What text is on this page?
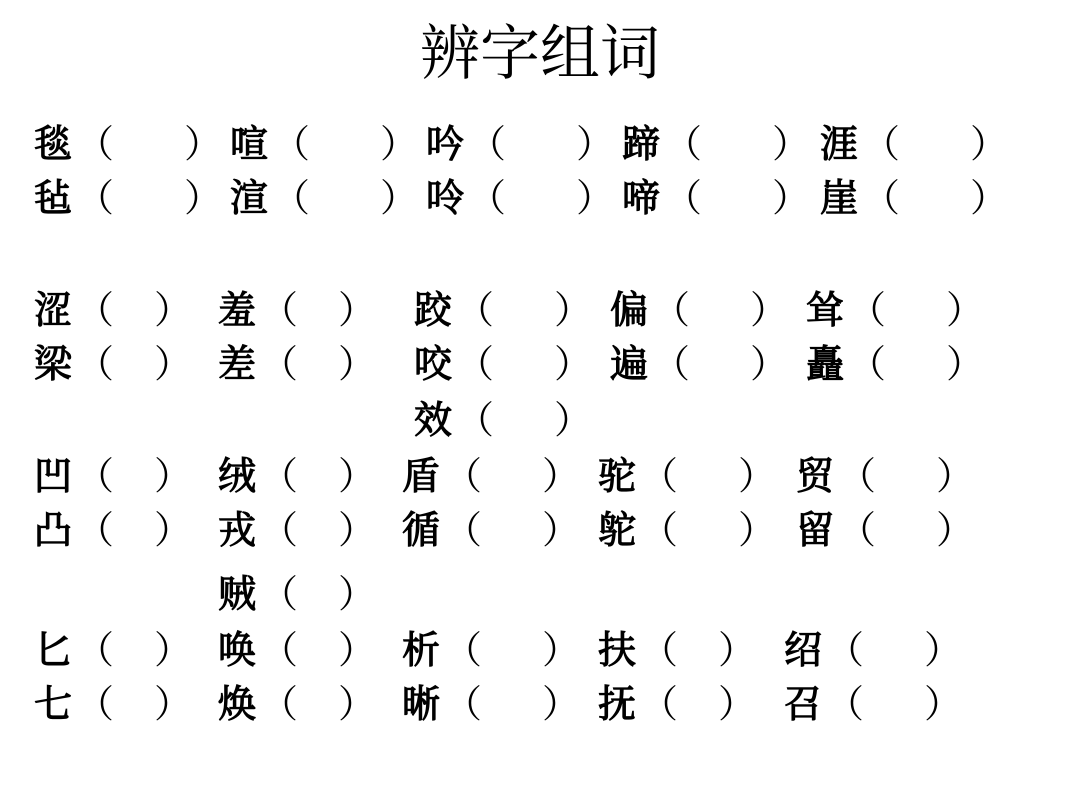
辨字组词
毯 （ ） 喧 （ ） 吟 （ ） 蹄 （ ） 涯 （ ）
毡 （ ） 渲 （ ） 呤 （ ） 啼 （ ） 崖 （ ）
涩 （ ） 羞 （ ） 跤 （ ） 偏 （ ） 耸 （ ）
梁 （ ） 差 （ ） 咬 （ ） 遍 （ ） 矗 （ ）
效 （ ）
凹 （ ） 绒 （ ） 盾 （ ） 驼 （ ） 贸 （ ）
凸 （ ） 戎 （ ） 循 （ ） 鸵 （ ） 留 （ ）
贼 （ ）
匕 （ ） 唤 （ ） 析 （ ） 扶 （ ） 绍 （ ）
七 （ ） 焕 （ ） 晰 （ ） 抚 （ ） 召 （ ）
